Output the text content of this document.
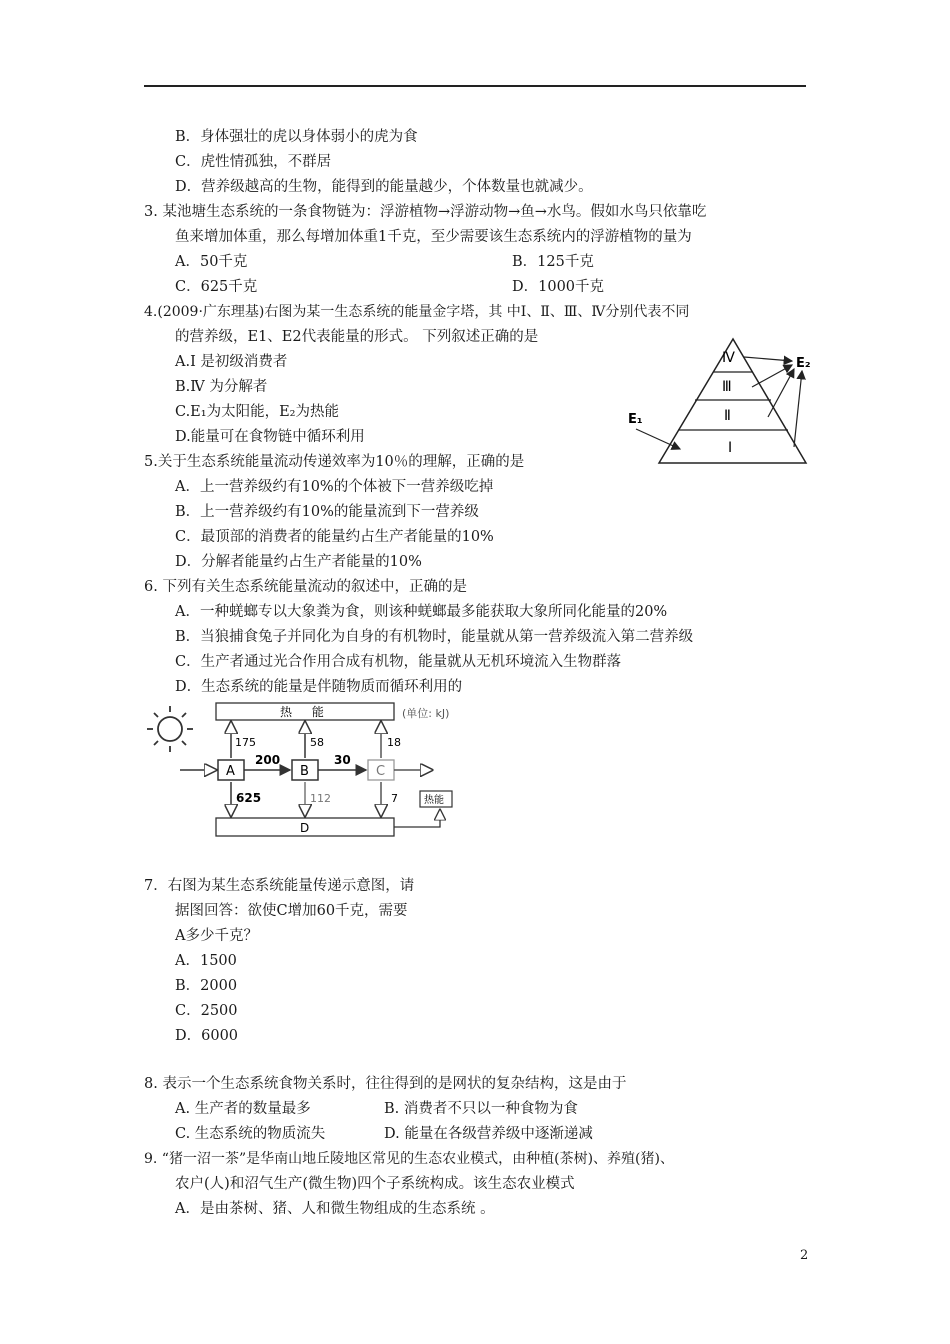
B．身体强壮的虎以身体弱小的虎为食
C．虎性情孤独，不群居
D．营养级越高的生物，能得到的能量越少，个体数量也就减少。
3. 某池塘生态系统的一条食物链为：浮游植物→浮游动物→鱼→水鸟。假如水鸟只依靠吃
鱼来增加体重，那么每增加体重1千克，至少需要该生态系统内的浮游植物的量为
A．50千克	B．125千克
C．625千克	D．1000千克
4.(2009·广东理基)右图为某一生态系统的能量金字塔，其 中Ⅰ、Ⅱ、Ⅲ、Ⅳ分别代表不同
的营养级，E1、E2代表能量的形式。 下列叙述正确的是
A.Ⅰ 是初级消费者
B.Ⅳ 为分解者
C.E₁为太阳能，E₂为热能
D.能量可在食物链中循环利用
Ⅳ
Ⅲ
Ⅱ
Ⅰ
E₁
E₂
5.关于生态系统能量流动传递效率为10％的理解，正确的是
A．上一营养级约有10%的个体被下一营养级吃掉
B．上一营养级约有10%的能量流到下一营养级
C．最顶部的消费者的能量约占生产者能量的10%
D．分解者能量约占生产者能量的10%
6. 下列有关生态系统能量流动的叙述中，正确的是
A．一种蜣螂专以大象粪为食，则该种蜣螂最多能获取大象所同化能量的20%
B．当狼捕食兔子并同化为自身的有机物时，能量就从第一营养级流入第二营养级
C．生产者通过光合作用合成有机物，能量就从无机环境流入生物群落
D．生态系统的能量是伴随物质而循环利用的
热 能	(单位: kJ)
A	B	C
200	30
175	58	18
625	112	7
D
热能
7．右图为某生态系统能量传递示意图，请
据图回答：欲使C增加60千克，需要
A多少千克？
A．1500
B．2000
C．2500
D．6000
8. 表示一个生态系统食物关系时，往往得到的是网状的复杂结构，这是由于
A. 生产者的数量最多	B. 消费者不只以一种食物为食
C. 生态系统的物质流失	D. 能量在各级营养级中逐渐递减
9. “猪一沼一茶”是华南山地丘陵地区常见的生态农业模式，由种植(茶树)、养殖(猪)、
农户(人)和沼气生产(微生物)四个子系统构成。该生态农业模式
A．是由茶树、猪、人和微生物组成的生态系统 。
2
